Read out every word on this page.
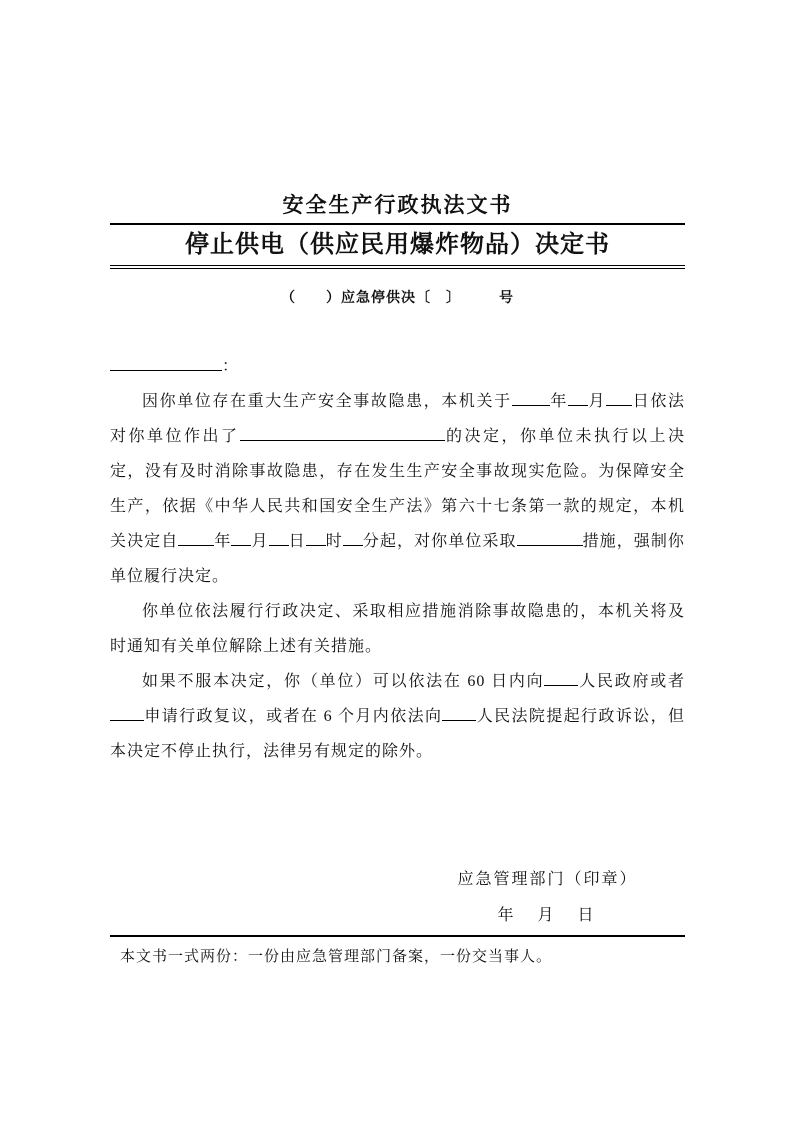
安全生产行政执法文书
停止供电（供应民用爆炸物品）决定书
（　　）应急停供决〔　〕　　　号
：
因你单位存在重大生产安全事故隐患，本机关于 年 月 日依法对你单位作出了	的决定，你单位未执行以上决定，没有及时消除事故隐患，存在发生生产安全事故现实危险。为保障安全生产，依据《中华人民共和国安全生产法》第六十七条第一款的规定，本机关决定自 年 月 日 时 分起，对你单位采取	措施，强制你单位履行决定。
你单位依法履行行政决定、采取相应措施消除事故隐患的，本机关将及时通知有关单位解除上述有关措施。
如果不服本决定，你（单位）可以依法在 60 日内向 人民政府或者申请行政复议，或者在 6 个月内依法向 人民法院提起行政诉讼，但本决定不停止执行，法律另有规定的除外。
应急管理部门（印章）
年　月　日
本文书一式两份：一份由应急管理部门备案，一份交当事人。
